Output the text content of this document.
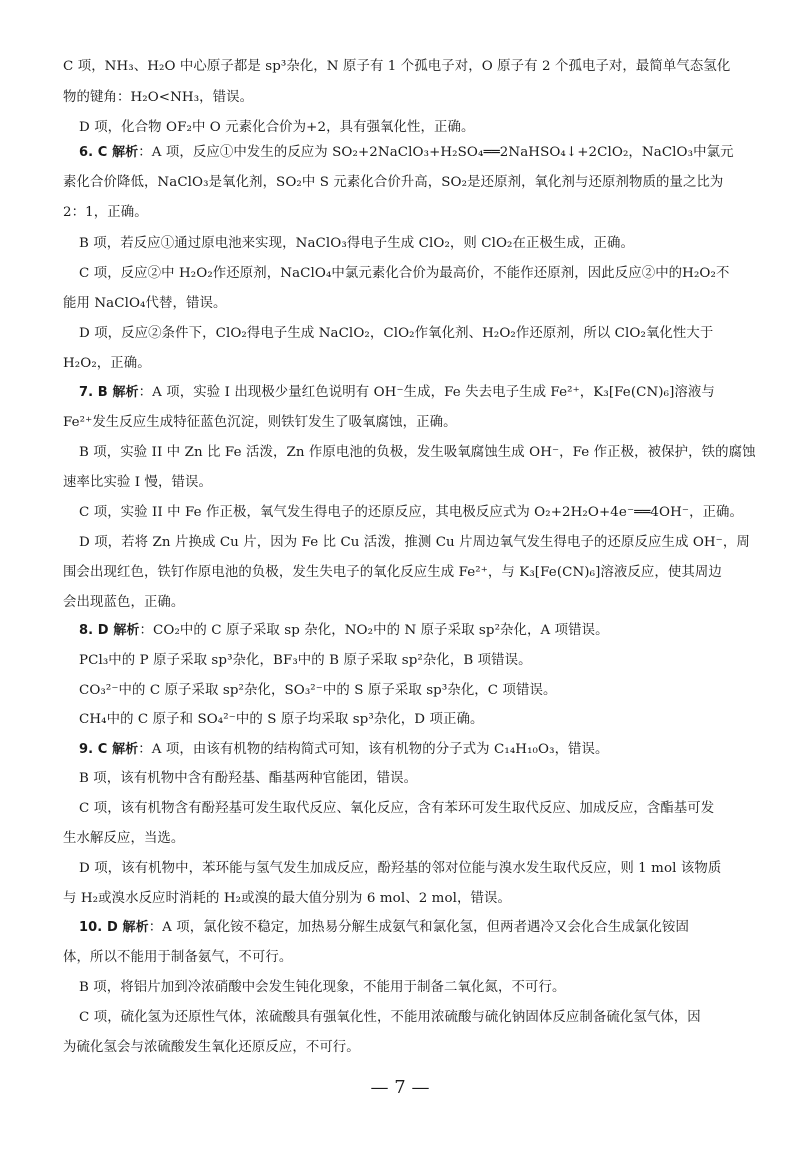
C 项，NH₃、H₂O 中心原子都是 sp³杂化，N 原子有 1 个孤电子对，O 原子有 2 个孤电子对，最简单气态氢化
物的键角：H₂O<NH₃，错误。
D 项，化合物 OF₂中 O 元素化合价为+2，具有强氧化性，正确。
6. C 解析：A 项，反应①中发生的反应为 SO₂+2NaClO₃+H₂SO₄══2NaHSO₄↓+2ClO₂，NaClO₃中氯元
素化合价降低，NaClO₃是氧化剂，SO₂中 S 元素化合价升高，SO₂是还原剂，氧化剂与还原剂物质的量之比为
2：1，正确。
B 项，若反应①通过原电池来实现，NaClO₃得电子生成 ClO₂，则 ClO₂在正极生成，正确。
C 项，反应②中 H₂O₂作还原剂，NaClO₄中氯元素化合价为最高价，不能作还原剂，因此反应②中的H₂O₂不
能用 NaClO₄代替，错误。
D 项，反应②条件下，ClO₂得电子生成 NaClO₂，ClO₂作氧化剂、H₂O₂作还原剂，所以 ClO₂氧化性大于
H₂O₂，正确。
7. B 解析：A 项，实验 I 出现极少量红色说明有 OH⁻生成，Fe 失去电子生成 Fe²⁺，K₃[Fe(CN)₆]溶液与
Fe²⁺发生反应生成特征蓝色沉淀，则铁钉发生了吸氧腐蚀，正确。
B 项，实验 II 中 Zn 比 Fe 活泼，Zn 作原电池的负极，发生吸氧腐蚀生成 OH⁻，Fe 作正极，被保护，铁的腐蚀
速率比实验 I 慢，错误。
C 项，实验 II 中 Fe 作正极，氧气发生得电子的还原反应，其电极反应式为 O₂+2H₂O+4e⁻══4OH⁻，正确。
D 项，若将 Zn 片换成 Cu 片，因为 Fe 比 Cu 活泼，推测 Cu 片周边氧气发生得电子的还原反应生成 OH⁻，周
围会出现红色，铁钉作原电池的负极，发生失电子的氧化反应生成 Fe²⁺，与 K₃[Fe(CN)₆]溶液反应，使其周边
会出现蓝色，正确。
8. D 解析：CO₂中的 C 原子采取 sp 杂化，NO₂中的 N 原子采取 sp²杂化，A 项错误。
PCl₃中的 P 原子采取 sp³杂化，BF₃中的 B 原子采取 sp²杂化，B 项错误。
CO₃²⁻中的 C 原子采取 sp²杂化，SO₃²⁻中的 S 原子采取 sp³杂化，C 项错误。
CH₄中的 C 原子和 SO₄²⁻中的 S 原子均采取 sp³杂化，D 项正确。
9. C 解析：A 项，由该有机物的结构简式可知，该有机物的分子式为 C₁₄H₁₀O₃，错误。
B 项，该有机物中含有酚羟基、酯基两种官能团，错误。
C 项，该有机物含有酚羟基可发生取代反应、氧化反应，含有苯环可发生取代反应、加成反应，含酯基可发
生水解反应，当选。
D 项，该有机物中，苯环能与氢气发生加成反应，酚羟基的邻对位能与溴水发生取代反应，则 1 mol 该物质
与 H₂或溴水反应时消耗的 H₂或溴的最大值分别为 6 mol、2 mol，错误。
10. D 解析：A 项，氯化铵不稳定，加热易分解生成氨气和氯化氢，但两者遇冷又会化合生成氯化铵固
体，所以不能用于制备氨气，不可行。
B 项，将铝片加到冷浓硝酸中会发生钝化现象，不能用于制备二氧化氮，不可行。
C 项，硫化氢为还原性气体，浓硫酸具有强氧化性，不能用浓硫酸与硫化钠固体反应制备硫化氢气体，因
为硫化氢会与浓硫酸发生氧化还原反应，不可行。
— 7 —
